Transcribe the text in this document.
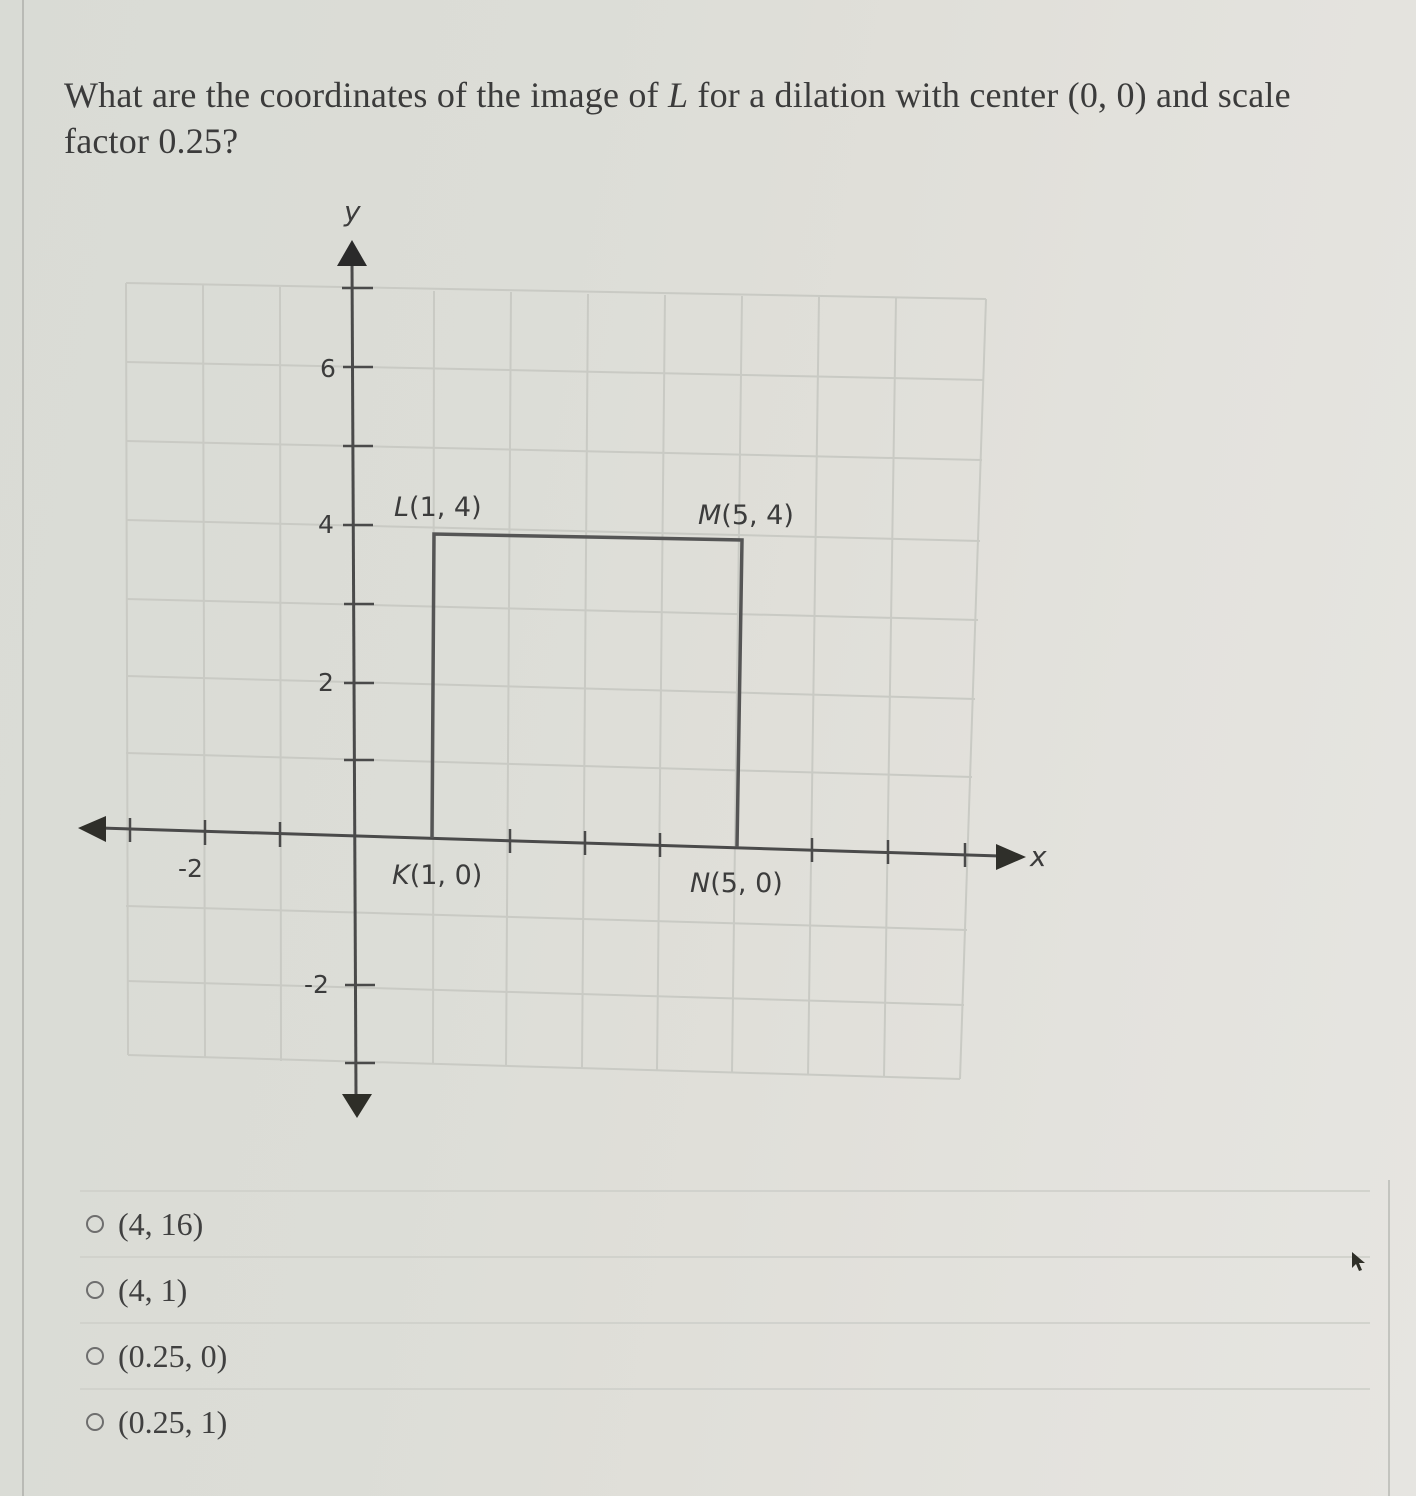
What are the coordinates of the image of L for a dilation with center (0, 0) and scale factor 0.25?
y
x
6
4
2
-2
-2
L(1, 4)	M(5, 4)
K(1, 0)	N(5, 0)
(4, 16)
(4, 1)
(0.25, 0)
(0.25, 1)
